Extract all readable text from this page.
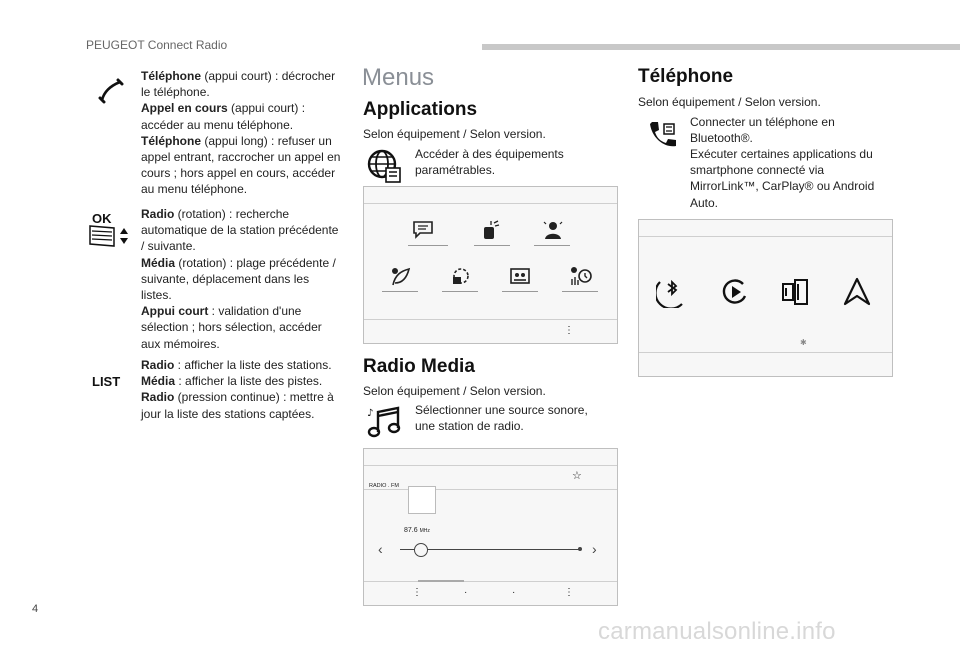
PEUGEOT Connect Radio
Téléphone (appui court) : décrocher le téléphone.
Appel en cours (appui court) : accéder au menu téléphone.
Téléphone (appui long) : refuser un appel entrant, raccrocher un appel en cours ; hors appel en cours, accéder au menu téléphone.
OK Radio (rotation) : recherche automatique de la station précédente / suivante.
Média (rotation) : plage précédente / suivante, déplacement dans les listes.
Appui court : validation d'une sélection ; hors sélection, accéder aux mémoires.
LIST
Radio : afficher la liste des stations.
Média : afficher la liste des pistes.
Radio (pression continue) : mettre à jour la liste des stations captées.
Menus
Applications
Selon équipement / Selon version.
Accéder à des équipements paramétrables.
⋮
Radio Media
Selon équipement / Selon version.
♪	Sélectionner une source sonore, une station de radio.
RADIO . FM
☆
87.6 MHz
‹	›
⋮	·	·	⋮
Téléphone
Selon équipement / Selon version.
Connecter un téléphone en Bluetooth®.
Exécuter certaines applications du smartphone connecté via MirrorLink™, CarPlay® ou Android Auto.
✱
4
carmanualsonline.info
